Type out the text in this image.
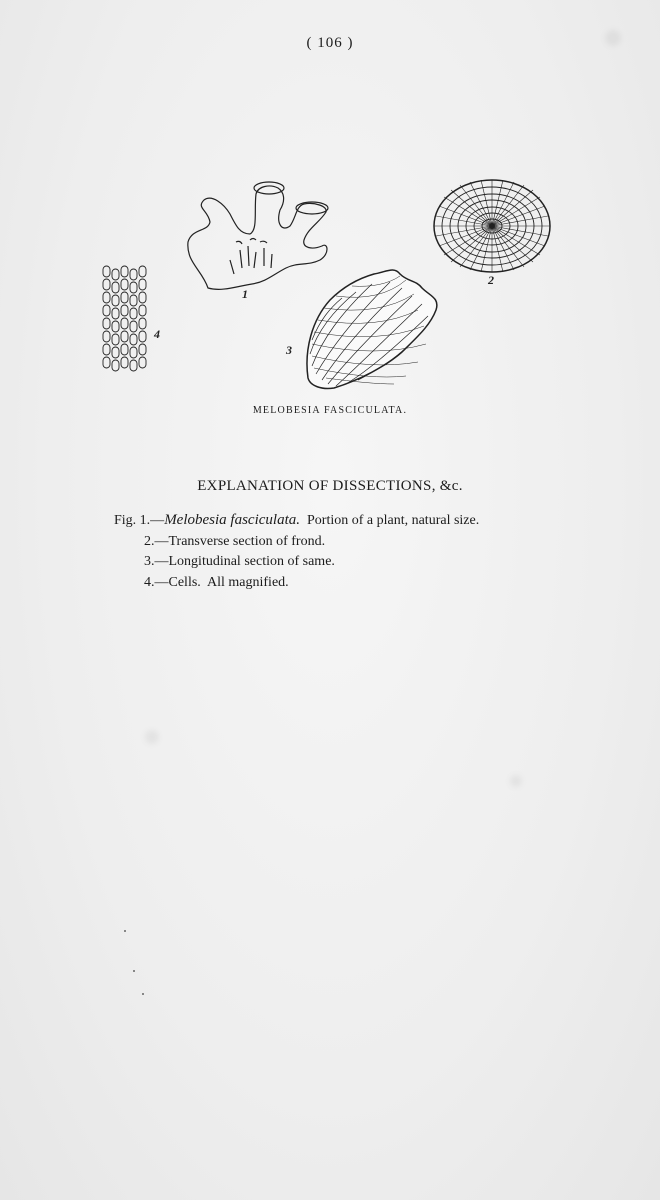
( 106 )
1
2
3
4
MELOBESIA FASCICULATA.
EXPLANATION OF DISSECTIONS, &c.
Fig. 1.—Melobesia fasciculata.  Portion of a plant, natural size.
2.—Transverse section of frond.
3.—Longitudinal section of same.
4.—Cells.  All magnified.
